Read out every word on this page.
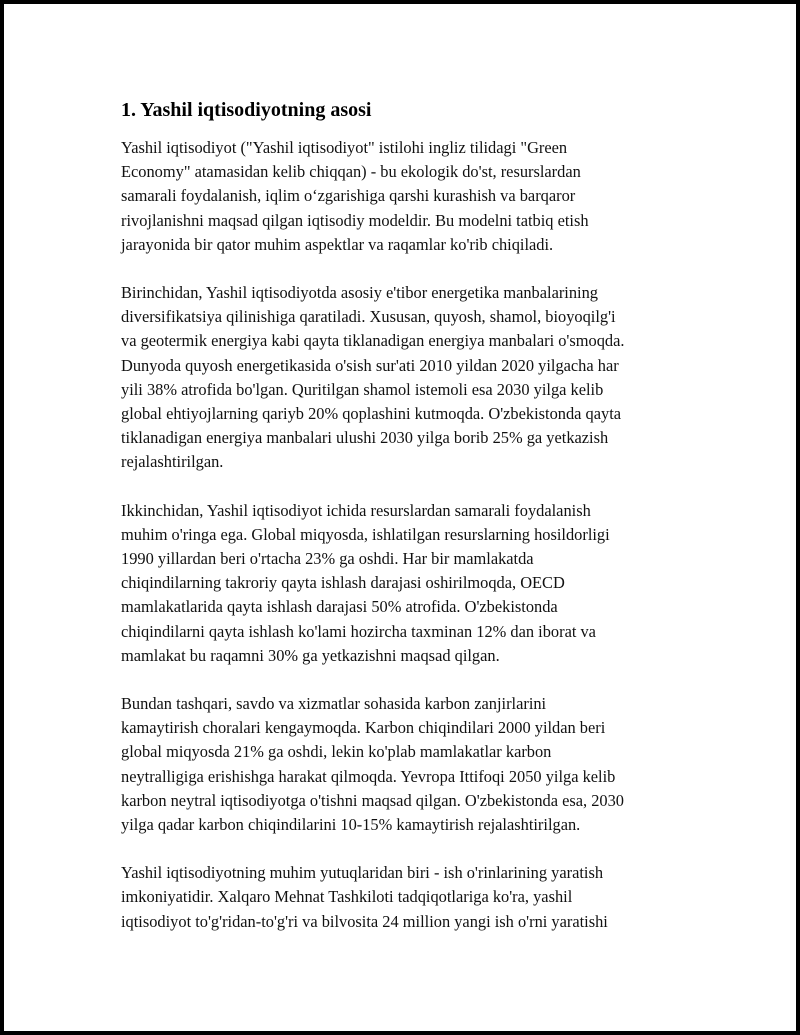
1. Yashil iqtisodiyotning asosi

Yashil iqtisodiyot ("Yashil iqtisodiyot" istilohi ingliz tilidagi "Green
Economy" atamasidan kelib chiqqan) - bu ekologik do'st, resurslardan
samarali foydalanish, iqlim o‘zgarishiga qarshi kurashish va barqaror
rivojlanishni maqsad qilgan iqtisodiy modeldir. Bu modelni tatbiq etish
jarayonida bir qator muhim aspektlar va raqamlar ko'rib chiqiladi.

Birinchidan, Yashil iqtisodiyotda asosiy e'tibor energetika manbalarining
diversifikatsiya qilinishiga qaratiladi. Xususan, quyosh, shamol, bioyoqilg'i
va geotermik energiya kabi qayta tiklanadigan energiya manbalari o'smoqda.
Dunyoda quyosh energetikasida o'sish sur'ati 2010 yildan 2020 yilgacha har
yili 38% atrofida bo'lgan. Quritilgan shamol istemoli esa 2030 yilga kelib
global ehtiyojlarning qariyb 20% qoplashini kutmoqda. O'zbekistonda qayta
tiklanadigan energiya manbalari ulushi 2030 yilga borib 25% ga yetkazish
rejalashtirilgan.

Ikkinchidan, Yashil iqtisodiyot ichida resurslardan samarali foydalanish
muhim o'ringa ega. Global miqyosda, ishlatilgan resurslarning hosildorligi
1990 yillardan beri o'rtacha 23% ga oshdi. Har bir mamlakatda
chiqindilarning takroriy qayta ishlash darajasi oshirilmoqda, OECD
mamlakatlarida qayta ishlash darajasi 50% atrofida. O'zbekistonda
chiqindilarni qayta ishlash ko'lami hozircha taxminan 12% dan iborat va
mamlakat bu raqamni 30% ga yetkazishni maqsad qilgan.

Bundan tashqari, savdo va xizmatlar sohasida karbon zanjirlarini
kamaytirish choralari kengaymoqda. Karbon chiqindilari 2000 yildan beri
global miqyosda 21% ga oshdi, lekin ko'plab mamlakatlar karbon
neytralligiga erishishga harakat qilmoqda. Yevropa Ittifoqi 2050 yilga kelib
karbon neytral iqtisodiyotga o'tishni maqsad qilgan. O'zbekistonda esa, 2030
yilga qadar karbon chiqindilarini 10-15% kamaytirish rejalashtirilgan.

Yashil iqtisodiyotning muhim yutuqlaridan biri - ish o'rinlarining yaratish
imkoniyatidir. Xalqaro Mehnat Tashkiloti tadqiqotlariga ko'ra, yashil
iqtisodiyot to'g'ridan-to'g'ri va bilvosita 24 million yangi ish o'rni yaratishi
